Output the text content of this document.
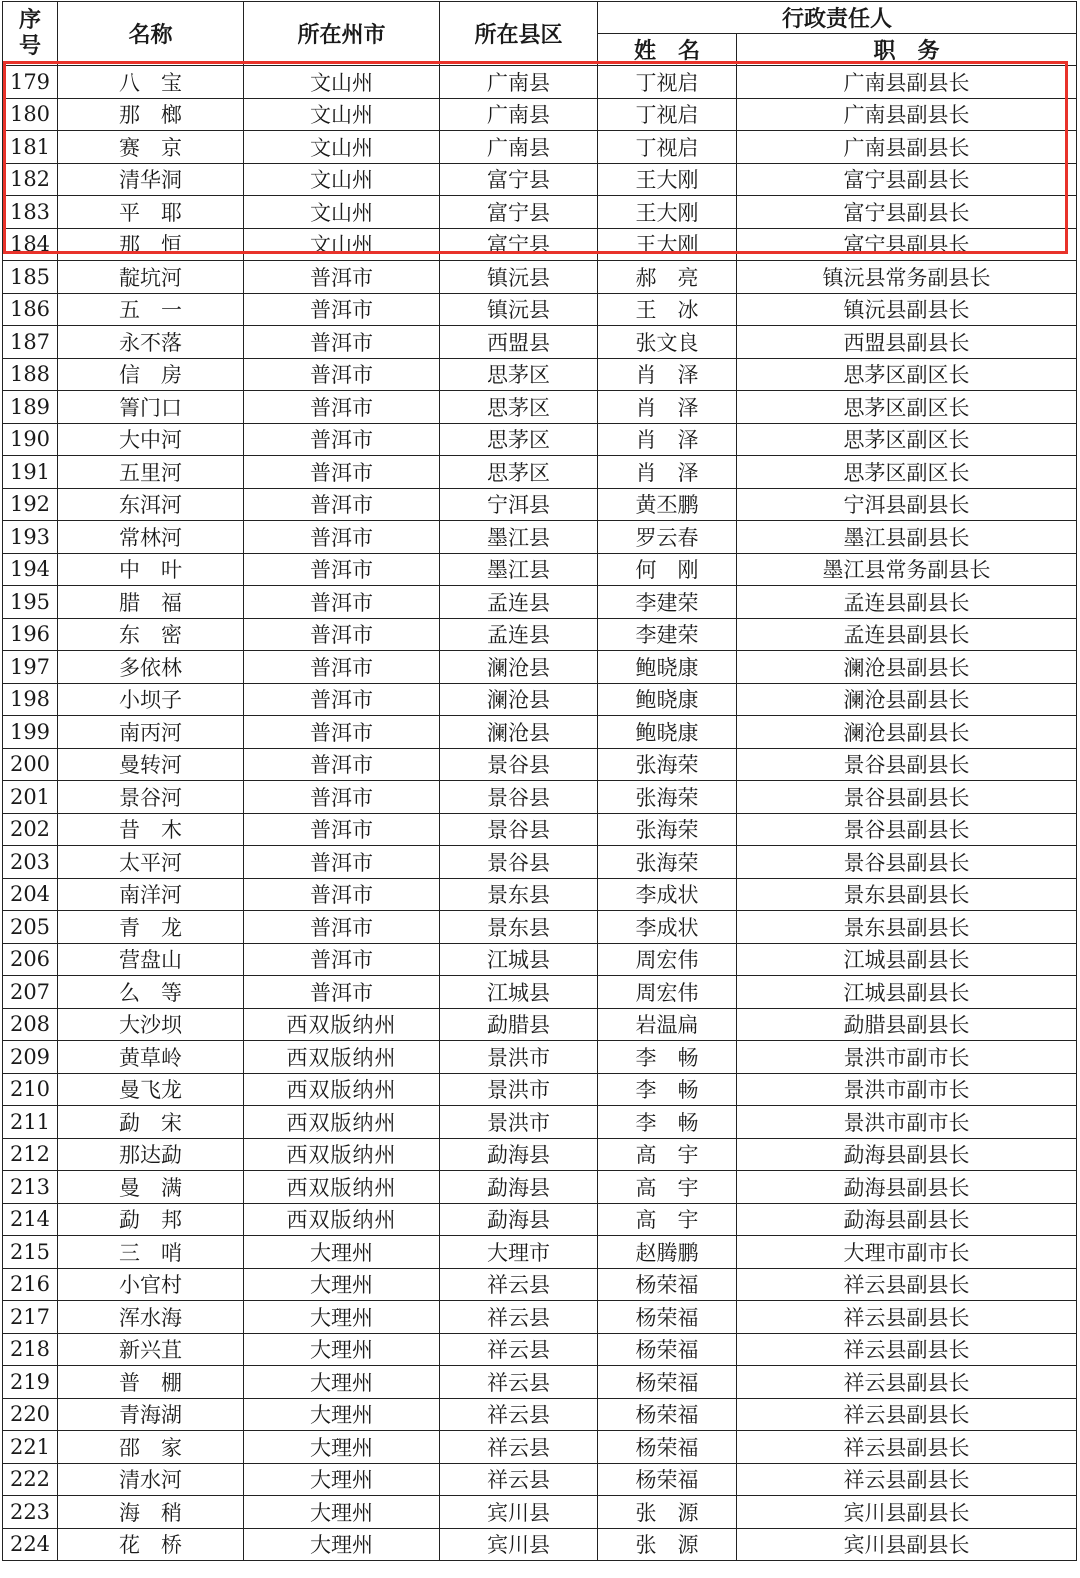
序
号	名称	所在州市	所在县区	行政责任人	
				姓　名	职　务
179	八　宝	文山州	广南县	丁视启	广南县副县长
180	那　榔	文山州	广南县	丁视启	广南县副县长
181	赛　京	文山州	广南县	丁视启	广南县副县长
182	清华洞	文山州	富宁县	王大刚	富宁县副县长
183	平　耶	文山州	富宁县	王大刚	富宁县副县长
184	那　恒	文山州	富宁县	王大刚	富宁县副县长
185	靛坑河	普洱市	镇沅县	郝　亮	镇沅县常务副县长
186	五　一	普洱市	镇沅县	王　冰	镇沅县副县长
187	永不落	普洱市	西盟县	张文良	西盟县副县长
188	信　房	普洱市	思茅区	肖　泽	思茅区副区长
189	箐门口	普洱市	思茅区	肖　泽	思茅区副区长
190	大中河	普洱市	思茅区	肖　泽	思茅区副区长
191	五里河	普洱市	思茅区	肖　泽	思茅区副区长
192	东洱河	普洱市	宁洱县	黄丕鹏	宁洱县副县长
193	常林河	普洱市	墨江县	罗云春	墨江县副县长
194	中　叶	普洱市	墨江县	何　刚	墨江县常务副县长
195	腊　福	普洱市	孟连县	李建荣	孟连县副县长
196	东　密	普洱市	孟连县	李建荣	孟连县副县长
197	多依林	普洱市	澜沧县	鲍晓康	澜沧县副县长
198	小坝子	普洱市	澜沧县	鲍晓康	澜沧县副县长
199	南丙河	普洱市	澜沧县	鲍晓康	澜沧县副县长
200	曼转河	普洱市	景谷县	张海荣	景谷县副县长
201	景谷河	普洱市	景谷县	张海荣	景谷县副县长
202	昔　木	普洱市	景谷县	张海荣	景谷县副县长
203	太平河	普洱市	景谷县	张海荣	景谷县副县长
204	南洋河	普洱市	景东县	李成状	景东县副县长
205	青　龙	普洱市	景东县	李成状	景东县副县长
206	营盘山	普洱市	江城县	周宏伟	江城县副县长
207	么　等	普洱市	江城县	周宏伟	江城县副县长
208	大沙坝	西双版纳州	勐腊县	岩温扁	勐腊县副县长
209	黄草岭	西双版纳州	景洪市	李　畅	景洪市副市长
210	曼飞龙	西双版纳州	景洪市	李　畅	景洪市副市长
211	勐　宋	西双版纳州	景洪市	李　畅	景洪市副市长
212	那达勐	西双版纳州	勐海县	高　宇	勐海县副县长
213	曼　满	西双版纳州	勐海县	高　宇	勐海县副县长
214	勐　邦	西双版纳州	勐海县	高　宇	勐海县副县长
215	三　哨	大理州	大理市	赵腾鹏	大理市副市长
216	小官村	大理州	祥云县	杨荣福	祥云县副县长
217	浑水海	大理州	祥云县	杨荣福	祥云县副县长
218	新兴苴	大理州	祥云县	杨荣福	祥云县副县长
219	普　棚	大理州	祥云县	杨荣福	祥云县副县长
220	青海湖	大理州	祥云县	杨荣福	祥云县副县长
221	邵　家	大理州	祥云县	杨荣福	祥云县副县长
222	清水河	大理州	祥云县	杨荣福	祥云县副县长
223	海　稍	大理州	宾川县	张　源	宾川县副县长
224	花　桥	大理州	宾川县	张　源	宾川县副县长
